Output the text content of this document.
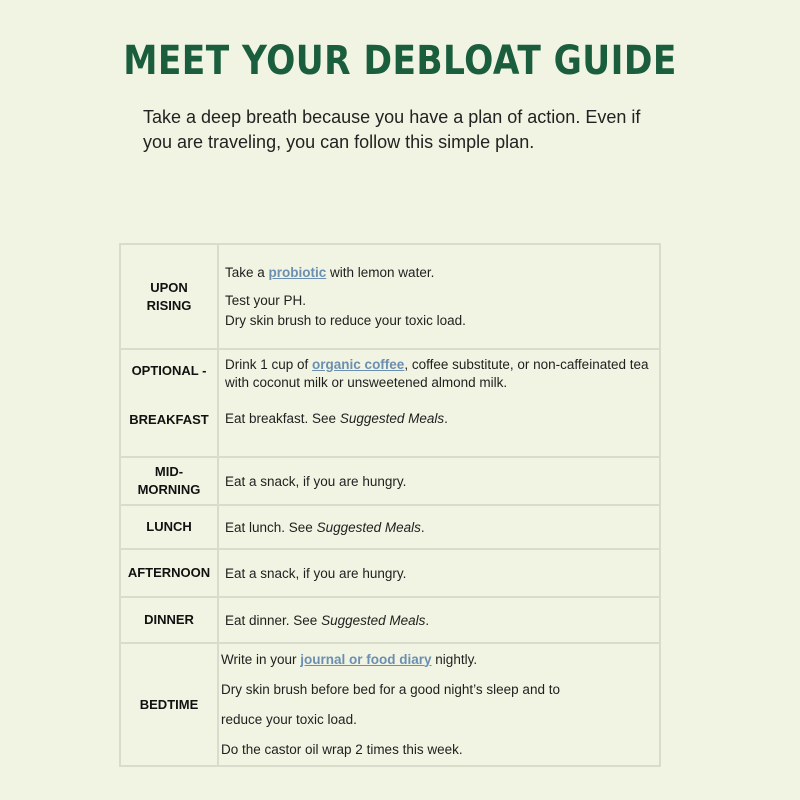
MEET YOUR DEBLOAT GUIDE
Take a deep breath because you have a plan of action. Even if you are traveling, you can follow this simple plan.
UPON
RISING	Take a probiotic with lemon water.
Test your PH.
Dry skin brush to reduce your toxic load.

OPTIONAL -	Drink 1 cup of organic coffee, coffee substitute, or non-caffeinated tea with coconut milk or unsweetened almond milk.
BREAKFAST	Eat breakfast. See Suggested Meals.

MID-
MORNING	Eat a snack, if you are hungry.
LUNCH	Eat lunch. See Suggested Meals.
AFTERNOON	Eat a snack, if you are hungry.
DINNER	Eat dinner. See Suggested Meals.
BEDTIME	Write in your journal or food diary nightly.
Dry skin brush before bed for a good night’s sleep and to
reduce your toxic load.
Do the castor oil wrap 2 times this week.
